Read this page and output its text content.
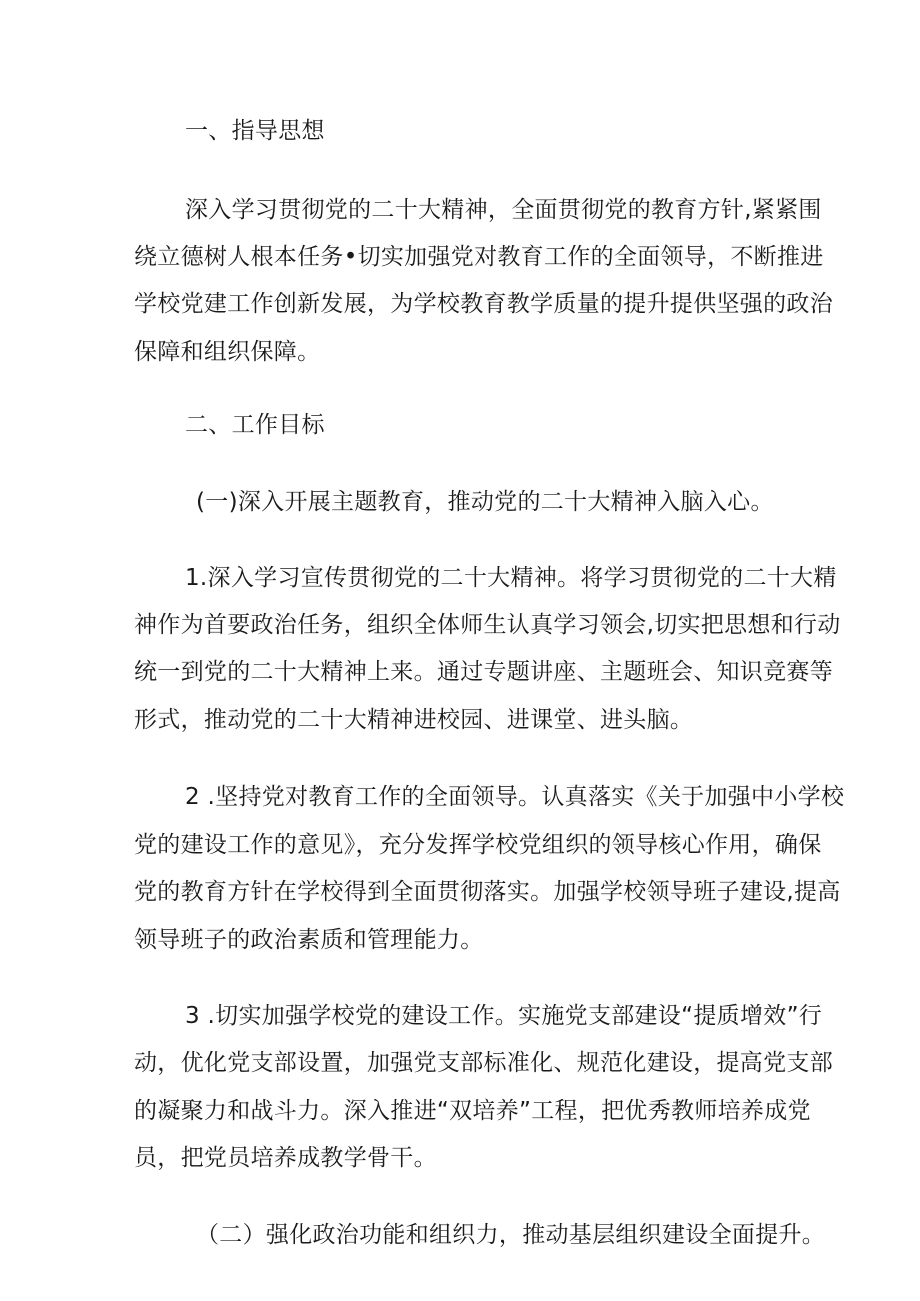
一、指导思想
深入学习贯彻党的二十大精神，全面贯彻党的教育方针,紧紧围
绕立德树人根本任务•切实加强党对教育工作的全面领导，不断推进
学校党建工作创新发展，为学校教育教学质量的提升提供坚强的政治
保障和组织保障。
二、工作目标
(一)深入开展主题教育，推动党的二十大精神入脑入心。
1.深入学习宣传贯彻党的二十大精神。将学习贯彻党的二十大精
神作为首要政治任务，组织全体师生认真学习领会,切实把思想和行动
统一到党的二十大精神上来。通过专题讲座、主题班会、知识竞赛等
形式，推动党的二十大精神进校园、进课堂、进头脑。
2 .坚持党对教育工作的全面领导。认真落实《关于加强中小学校
党的建设工作的意见》，充分发挥学校党组织的领导核心作用，确保
党的教育方针在学校得到全面贯彻落实。加强学校领导班子建设,提高
领导班子的政治素质和管理能力。
3 .切实加强学校党的建设工作。实施党支部建设“提质增效”行
动，优化党支部设置，加强党支部标准化、规范化建设，提高党支部
的凝聚力和战斗力。深入推进“双培养”工程，把优秀教师培养成党
员，把党员培养成教学骨干。
（二）强化政治功能和组织力，推动基层组织建设全面提升。
